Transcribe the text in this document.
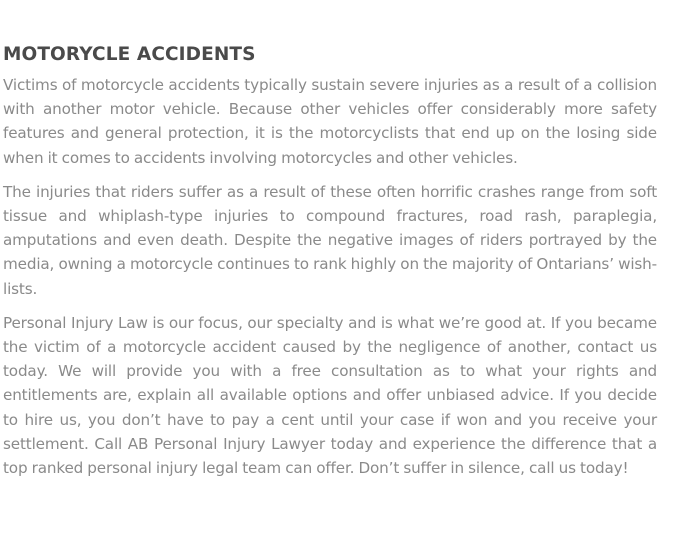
MOTORYCLE ACCIDENTS

Victims of motorcycle accidents typically sustain severe injuries as a result of a collision with another motor vehicle. Because other vehicles offer considerably more safety features and general protection, it is the motorcyclists that end up on the losing side when it comes to accidents involving motorcycles and other vehicles.

The injuries that riders suffer as a result of these often horrific crashes range from soft tissue and whiplash-type injuries to compound fractures, road rash, paraplegia, amputations and even death. Despite the negative images of riders portrayed by the media, owning a motorcycle continues to rank highly on the majority of Ontarians’ wish-lists.

Personal Injury Law is our focus, our specialty and is what we’re good at. If you became the victim of a motorcycle accident caused by the negligence of another, contact us today. We will provide you with a free consultation as to what your rights and entitlements are, explain all available options and offer unbiased advice. If you decide to hire us, you don’t have to pay a cent until your case if won and you receive your settlement. Call AB Personal Injury Lawyer today and experience the difference that a top ranked personal injury legal team can offer. Don’t suffer in silence, call us today!
